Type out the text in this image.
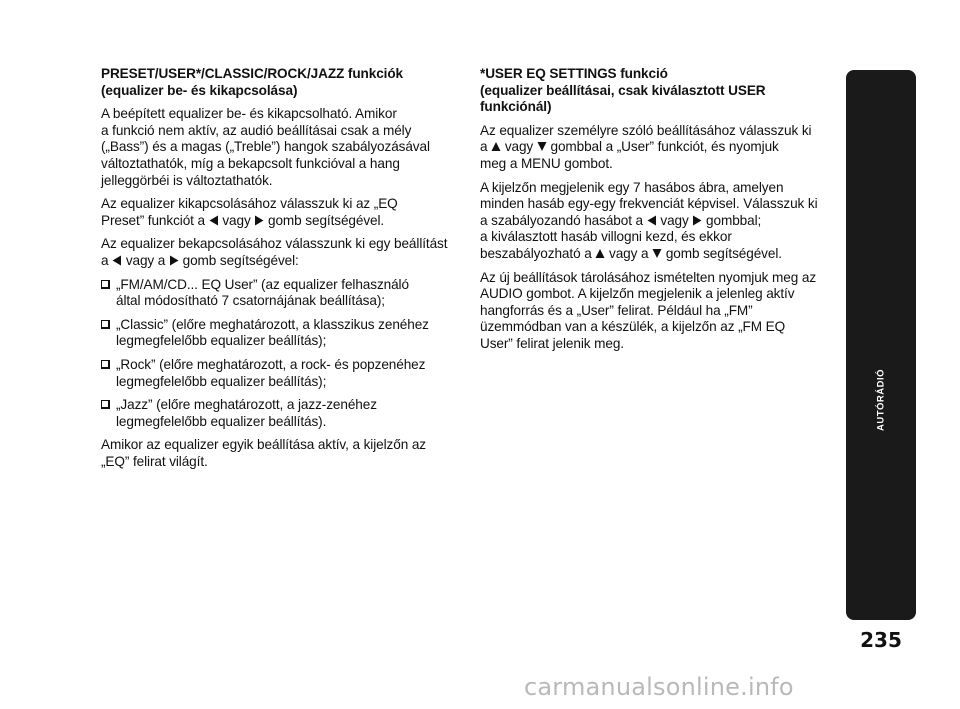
PRESET/USER*/CLASSIC/ROCK/JAZZ funkciók
(equalizer be- és kikapcsolása)

A beépített equalizer be- és kikapcsolható. Amikor
a funkció nem aktív, az audió beállításai csak a mély
(„Bass”) és a magas („Treble”) hangok szabályozásával
változtathatók, míg a bekapcsolt funkcióval a hang
jelleggörbéi is változtathatók.

Az equalizer kikapcsolásához válasszuk ki az „EQ
Preset” funkciót a
vagy
gomb segítségével.

Az equalizer bekapcsolásához válasszunk ki egy beállítást
a
vagy a
gomb segítségével:

„FM/AM/CD... EQ User” (az equalizer felhasználó
által módosítható 7 csatornájának beállítása);
„Classic” (előre meghatározott, a klasszikus zenéhez
legmegfelelőbb equalizer beállítás);
„Rock” (előre meghatározott, a rock- és popzenéhez
legmegfelelőbb equalizer beállítás);
„Jazz” (előre meghatározott, a jazz-zenéhez
legmegfelelőbb equalizer beállítás).

Amikor az equalizer egyik beállítása aktív, a kijelzőn az
„EQ” felirat világít.

*USER EQ SETTINGS funkció
(equalizer beállításai, csak kiválasztott USER
funkciónál)

Az equalizer személyre szóló beállításához válasszuk ki
a
vagy
gombbal a „User” funkciót, és nyomjuk
meg a MENU gombot.

A kijelzőn megjelenik egy 7 hasábos ábra, amelyen
minden hasáb egy-egy frekvenciát képvisel. Válasszuk ki
a szabályozandó hasábot a
vagy
gombbal;
a kiválasztott hasáb villogni kezd, és ekkor
beszabályozható a
vagy a
gomb segítségével.

Az új beállítások tárolásához ismételten nyomjuk meg az
AUDIO gombot. A kijelzőn megjelenik a jelenleg aktív
hangforrás és a „User” felirat. Például ha „FM”
üzemmódban van a készülék, a kijelzőn az „FM EQ
User” felirat jelenik meg.

AUTÓRÁDIÓ
235
carmanualsonline.info
